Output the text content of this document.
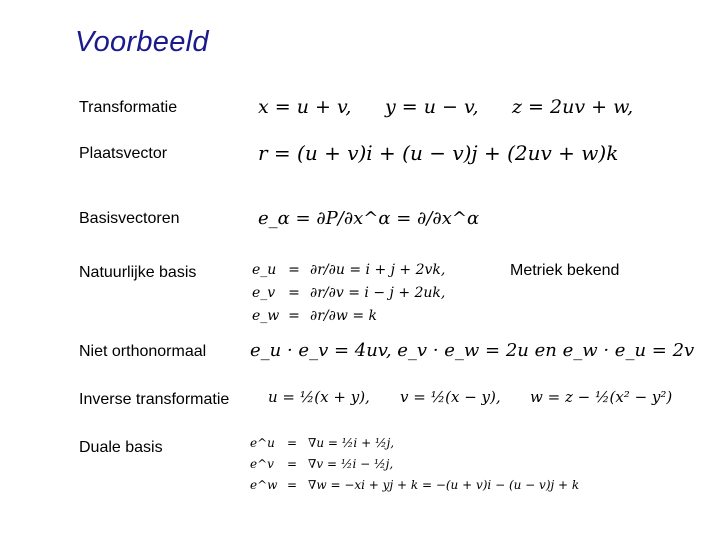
Voorbeeld
Transformatie
Plaatsvector
Basisvectoren
Natuurlijke basis
Niet orthonormaal
Inverse transformatie
Duale basis
Metriek bekend
x = u + v, y = u − v, z = 2uv + w,
r = (u + v)i + (u − v)j + (2uv + w)k
e_α = ∂P/∂x^α = ∂/∂x^α
e_u = ∂r/∂u = i + j + 2vk,
e_v = ∂r/∂v = i − j + 2uk,
e_w = ∂r/∂w = k
e_u · e_v = 4uv, e_v · e_w = 2u en e_w · e_u = 2v
u = ½(x + y), v = ½(x − y), w = z − ½(x² − y²)
e^u	= ∇u = ½i + ½j,
e^v	= ∇v = ½i − ½j,
e^w = ∇w = −xi + yj + k = −(u + v)i − (u − v)j + k
